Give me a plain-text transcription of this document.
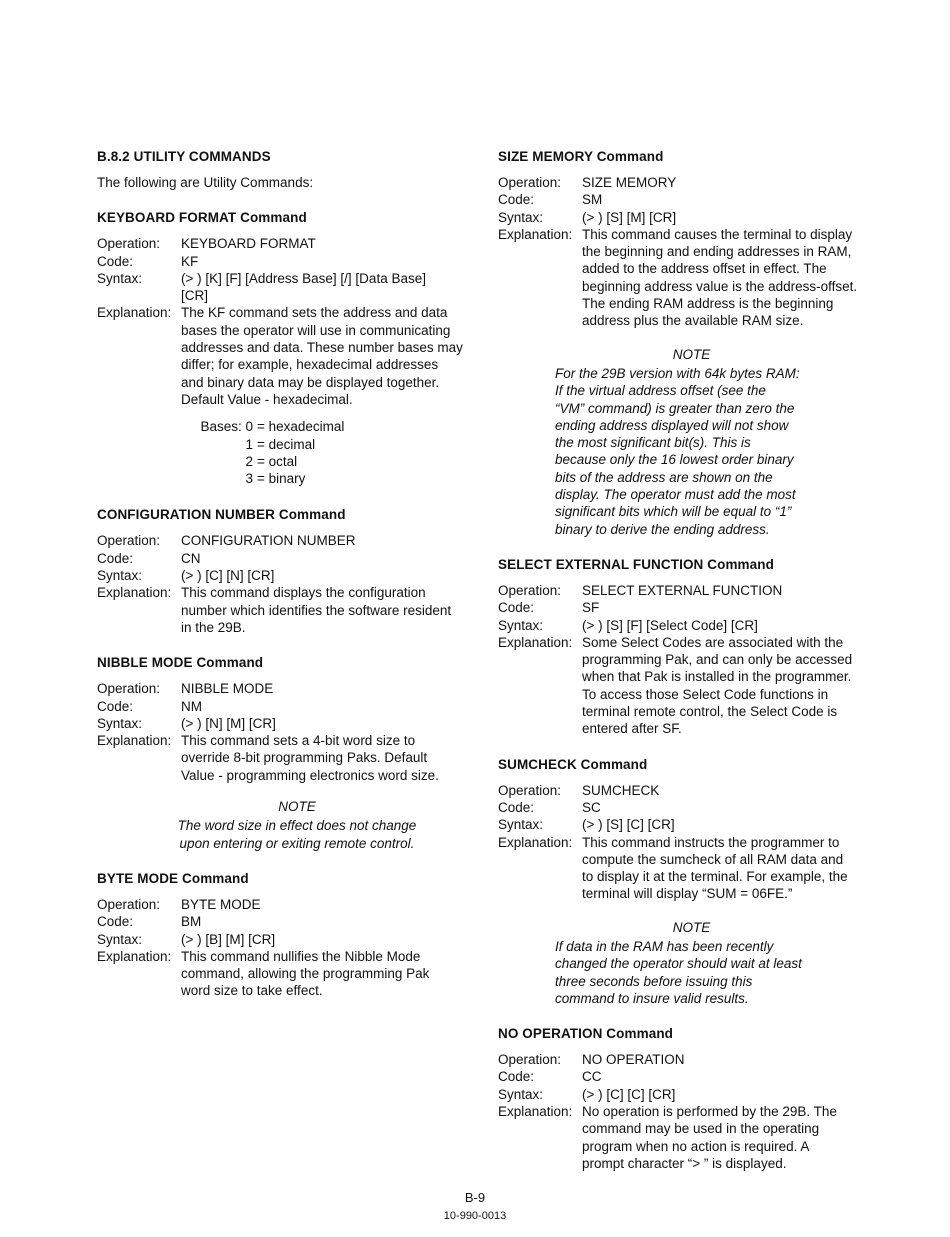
B.8.2 UTILITY COMMANDS
The following are Utility Commands:
KEYBOARD FORMAT Command
Operation:	KEYBOARD FORMAT
Code:	KF
Syntax:	(> ) [K] [F] [Address Base] [/] [Data Base]
[CR]
Explanation: The KF command sets the address and data
bases the operator will use in communicating
addresses and data. These number bases may
differ; for example, hexadecimal addresses
and binary data may be displayed together.
Default Value - hexadecimal.
Bases: 0 = hexadecimal
1 = decimal
2 = octal
3 = binary
CONFIGURATION NUMBER Command
Operation:	CONFIGURATION NUMBER
Code:	CN
Syntax:	(> ) [C] [N] [CR]
Explanation: This command displays the configuration
number which identifies the software resident
in the 29B.
NIBBLE MODE Command
Operation:	NIBBLE MODE
Code:	NM
Syntax:	(> ) [N] [M] [CR]
Explanation: This command sets a 4-bit word size to
override 8-bit programming Paks. Default
Value - programming electronics word size.
NOTE
The word size in effect does not change
upon entering or exiting remote control.
BYTE MODE Command
Operation:	BYTE MODE
Code:	BM
Syntax:	(> ) [B] [M] [CR]
Explanation: This command nullifies the Nibble Mode
command, allowing the programming Pak
word size to take effect.
SIZE MEMORY Command
Operation:	SIZE MEMORY
Code:	SM
Syntax:	(> ) [S] [M] [CR]
Explanation: This command causes the terminal to display
the beginning and ending addresses in RAM,
added to the address offset in effect. The
beginning address value is the address-offset.
The ending RAM address is the beginning
address plus the available RAM size.
NOTE
For the 29B version with 64k bytes RAM:
If the virtual address offset (see the
“VM” command) is greater than zero the
ending address displayed will not show
the most significant bit(s). This is
because only the 16 lowest order binary
bits of the address are shown on the
display. The operator must add the most
significant bits which will be equal to “1”
binary to derive the ending address.
SELECT EXTERNAL FUNCTION Command
Operation:	SELECT EXTERNAL FUNCTION
Code:	SF
Syntax:	(> ) [S] [F] [Select Code] [CR]
Explanation: Some Select Codes are associated with the
programming Pak, and can only be accessed
when that Pak is installed in the programmer.
To access those Select Code functions in
terminal remote control, the Select Code is
entered after SF.
SUMCHECK Command
Operation:	SUMCHECK
Code:	SC
Syntax:	(> ) [S] [C] [CR]
Explanation: This command instructs the programmer to
compute the sumcheck of all RAM data and
to display it at the terminal. For example, the
terminal will display “SUM = 06FE.”
NOTE
If data in the RAM has been recently
changed the operator should wait at least
three seconds before issuing this
command to insure valid results.
NO OPERATION Command
Operation:	NO OPERATION
Code:	CC
Syntax:	(> ) [C] [C] [CR]
Explanation: No operation is performed by the 29B. The
command may be used in the operating
program when no action is required. A
prompt character “> ” is displayed.
B-9
10-990-0013
